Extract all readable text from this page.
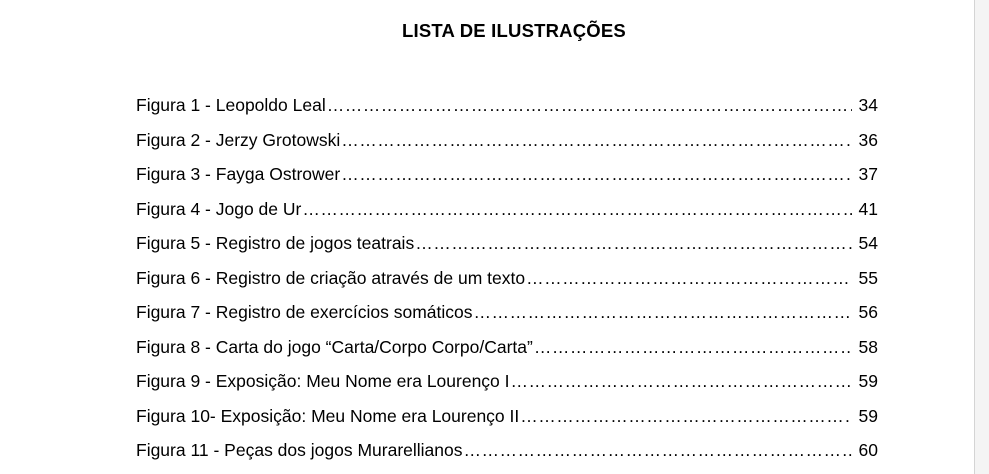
LISTA DE ILUSTRAÇÕES
Figura 1 - Leopoldo Leal ………………………………………………………………………………………………………………………………………	34
Figura 2 - Jerzy Grotowski ………………………………………………………………………………………………………………………………………	36
Figura 3 - Fayga Ostrower ………………………………………………………………………………………………………………………………………	37
Figura 4 - Jogo de Ur ………………………………………………………………………………………………………………………………………	41
Figura 5 - Registro de jogos teatrais ………………………………………………………………………………………………………………………………………	54
Figura 6 - Registro de criação através de um texto ………………………………………………………………………………………………………………………………………	55
Figura 7 - Registro de exercícios somáticos ………………………………………………………………………………………………………………………………………	56
Figura 8 - Carta do jogo “Carta/Corpo Corpo/Carta” ………………………………………………………………………………………………………………………………………	58
Figura 9 - Exposição: Meu Nome era Lourenço I ………………………………………………………………………………………………………………………………………	59
Figura 10- Exposição: Meu Nome era Lourenço II ………………………………………………………………………………………………………………………………………	59
Figura 11 - Peças dos jogos Murarellianos ………………………………………………………………………………………………………………………………………	60
